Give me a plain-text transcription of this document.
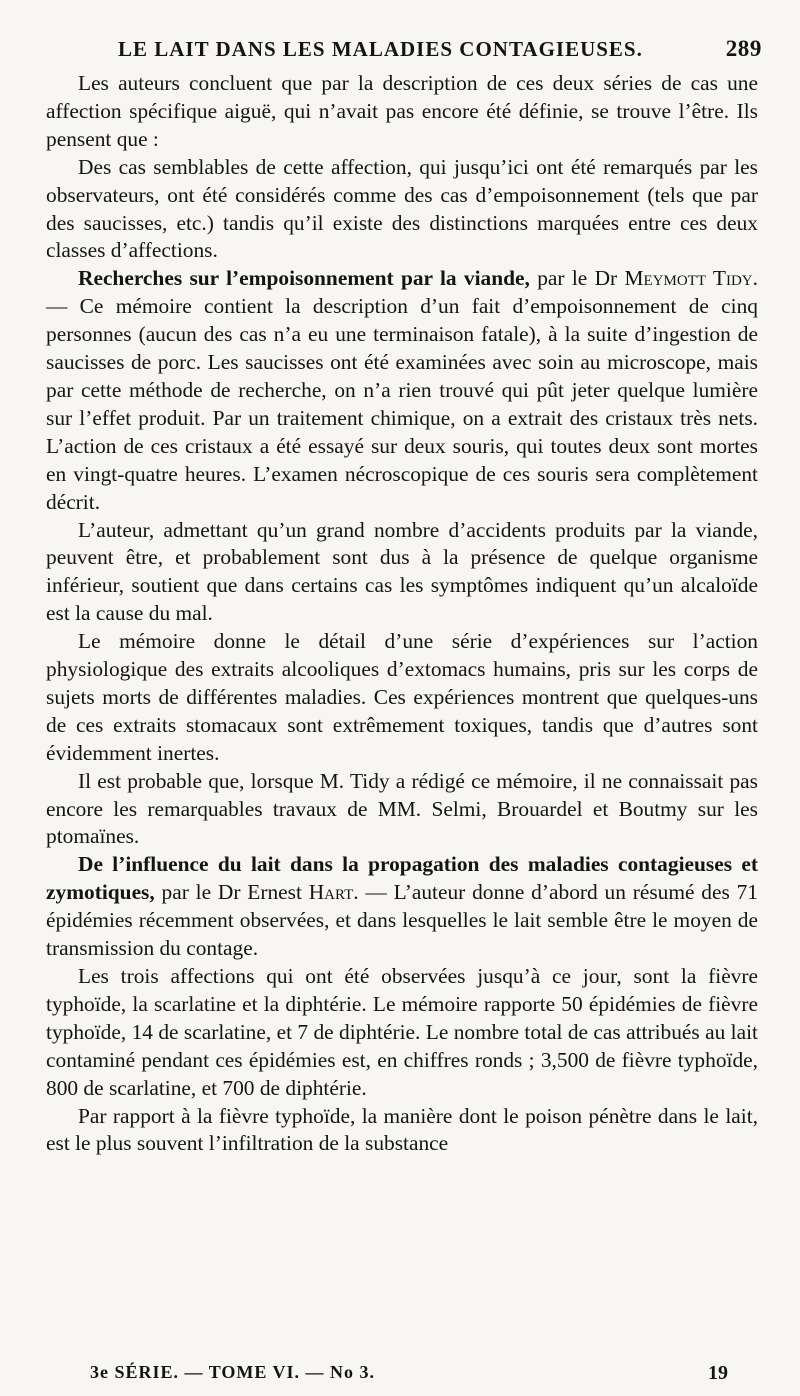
LE LAIT DANS LES MALADIES CONTAGIEUSES.	289

Les auteurs concluent que par la description de ces deux séries de cas une affection spécifique aiguë, qui n’avait pas encore été définie, se trouve l’être. Ils pensent que :

Des cas semblables de cette affection, qui jusqu’ici ont été remarqués par les observateurs, ont été considérés comme des cas d’empoisonnement (tels que par des saucisses, etc.) tandis qu’il existe des distinctions marquées entre ces deux classes d’affections.

Recherches sur l’empoisonnement par la viande, par le Dr Meymott Tidy. — Ce mémoire contient la description d’un fait d’empoisonnement de cinq personnes (aucun des cas n’a eu une terminaison fatale), à la suite d’ingestion de saucisses de porc. Les saucisses ont été examinées avec soin au microscope, mais par cette méthode de recherche, on n’a rien trouvé qui pût jeter quelque lumière sur l’effet produit. Par un traitement chimique, on a extrait des cristaux très nets. L’action de ces cristaux a été essayé sur deux souris, qui toutes deux sont mortes en vingt-quatre heures. L’examen nécroscopique de ces souris sera complètement décrit.

L’auteur, admettant qu’un grand nombre d’accidents produits par la viande, peuvent être, et probablement sont dus à la présence de quelque organisme inférieur, soutient que dans certains cas les symptômes indiquent qu’un alcaloïde est la cause du mal.

Le mémoire donne le détail d’une série d’expériences sur l’action physiologique des extraits alcooliques d’extomacs humains, pris sur les corps de sujets morts de différentes maladies. Ces expériences montrent que quelques-uns de ces extraits stomacaux sont extrêmement toxiques, tandis que d’autres sont évidemment inertes.

Il est probable que, lorsque M. Tidy a rédigé ce mémoire, il ne connaissait pas encore les remarquables travaux de MM. Selmi, Brouardel et Boutmy sur les ptomaïnes.

De l’influence du lait dans la propagation des maladies contagieuses et zymotiques, par le Dr Ernest Hart. — L’auteur donne d’abord un résumé des 71 épidémies récemment observées, et dans lesquelles le lait semble être le moyen de transmission du contage.

Les trois affections qui ont été observées jusqu’à ce jour, sont la fièvre typhoïde, la scarlatine et la diphtérie. Le mémoire rapporte 50 épidémies de fièvre typhoïde, 14 de scarlatine, et 7 de diphtérie. Le nombre total de cas attribués au lait contaminé pendant ces épidémies est, en chiffres ronds ; 3,500 de fièvre typhoïde, 800 de scarlatine, et 700 de diphtérie.

Par rapport à la fièvre typhoïde, la manière dont le poison pénètre dans le lait, est le plus souvent l’infiltration de la substance

3e SÉRIE. — TOME VI. — No 3.	19
